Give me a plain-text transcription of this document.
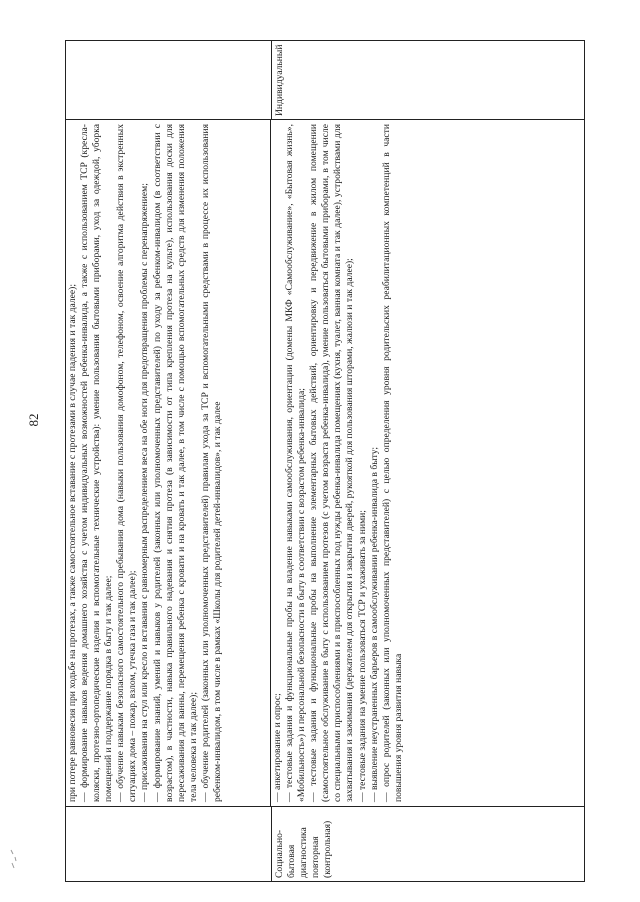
82
Социально-бытовая диагностика повторная (контрольная)

при потере равновесия при ходьбе на протезах, а также самостоятельное вставание с протезами в случае падения и так далее); — формирование навыков ведения домашнего хозяйства с учетом индивидуальных возможностей ребенка-инвалида, а также с использованием ТСР (кресла-коляски, протезно-ортопедические изделия и вспомогательные технические устройства): умение пользования бытовыми приборами, уход за одеждой, уборка помещений и поддержание порядка в быту и так далее; — обучение навыкам безопасного самостоятельного пребывания дома (навыки пользования домофоном, телефоном, освоение алгоритма действия в экстренных ситуациях дома – пожар, взлом, утечка газа и так далее); — присаживания на стул или кресло и вставания с равномерным распределением веса на обе ноги для предотвращения проблемы с перенапряжением; — формирование знаний, умений и навыков у родителей (законных или уполномоченных представителей) по уходу за ребенком-инвалидом (в соответствии с возрастом), в частности, навыка правильного надевания и снятия протеза (в зависимости от типа крепления протеза на культе), использования доски для пересаживания для ванны, перемещения ребенка с кровати и на кровать и так далее, в том числе с помощью вспомогательных средств для изменения положения тела человека и так далее); — обучение родителей (законных или уполномоченных представителей) правилам ухода за ТСР и вспомогательными средствами в процессе их использования ребенком-инвалидом, в том числе в рамках «Школы для родителей детей-инвалидов», и так далее	— анкетирование и опрос; — тестовые задания и функциональные пробы на владение навыками самообслуживания, ориентации (домены МКФ «Самообслуживание», «Бытовая жизнь», «Мобильность») и персональной безопасности в быту в соответствии с возрастом ребенка-инвалида; — тестовые задания и функциональные пробы на выполнение элементарных бытовых действий, ориентировку и передвижение в жилом помещении (самостоятельное обслуживание в быту с использованием протезов (с учетом возраста ребенка-инвалида), умение пользоваться бытовыми приборами, в том числе со специальными приспособлениями и в приспособленных под нужды ребенка-инвалида помещениях (кухня, туалет, ванная комната и так далее), устройствами для захватывания и зажимания (держателем для открытия и закрытия дверей, рукояткой для пользования шторами, жалюзи и так далее); — тестовые задания на умение пользоваться ТСР и ухаживать за ними; — выявление неустраненных барьеров в самообслуживании ребенка-инвалида в быту; — опрос родителей (законных или уполномоченных представителей) с целью определения уровня родительских реабилитационных компетенций в части повышения уровня развития навыка

Индивидуальный
